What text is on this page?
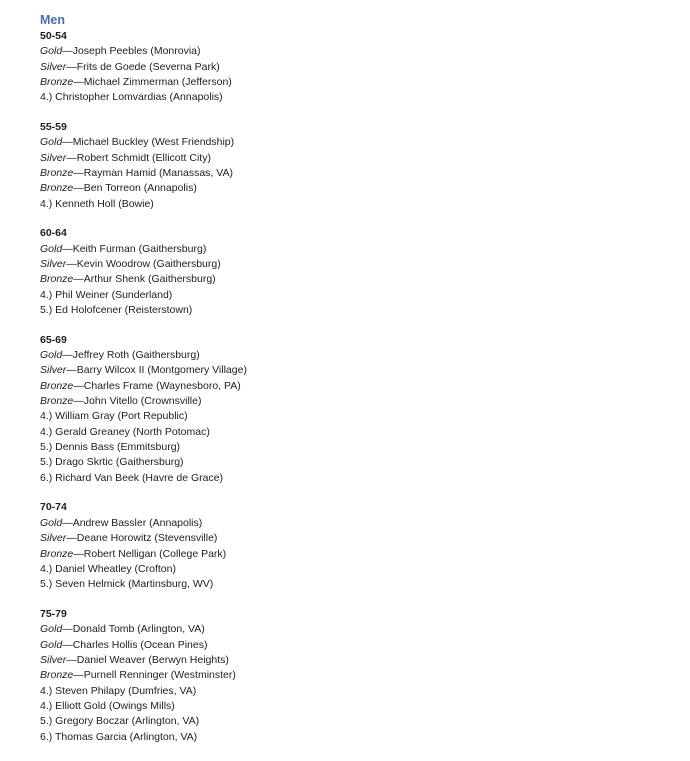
Men
50-54
Gold—Joseph Peebles (Monrovia)
Silver—Frits de Goede (Severna Park)
Bronze—Michael Zimmerman (Jefferson)
4.) Christopher Lomvardias (Annapolis)
55-59
Gold—Michael Buckley (West Friendship)
Silver—Robert Schmidt (Ellicott City)
Bronze—Rayman Hamid (Manassas, VA)
Bronze—Ben Torreon (Annapolis)
4.) Kenneth Holl (Bowie)
60-64
Gold—Keith Furman (Gaithersburg)
Silver—Kevin Woodrow (Gaithersburg)
Bronze—Arthur Shenk (Gaithersburg)
4.) Phil Weiner (Sunderland)
5.) Ed Holofcener (Reisterstown)
65-69
Gold—Jeffrey Roth (Gaithersburg)
Silver—Barry Wilcox II (Montgomery Village)
Bronze—Charles Frame (Waynesboro, PA)
Bronze—John Vitello (Crownsville)
4.) William Gray (Port Republic)
4.) Gerald Greaney (North Potomac)
5.) Dennis Bass (Emmitsburg)
5.) Drago Skrtic (Gaithersburg)
6.) Richard Van Beek (Havre de Grace)
70-74
Gold—Andrew Bassler (Annapolis)
Silver—Deane Horowitz (Stevensville)
Bronze—Robert Nelligan (College Park)
4.) Daniel Wheatley (Crofton)
5.) Seven Helmick (Martinsburg, WV)
75-79
Gold—Donald Tomb (Arlington, VA)
Gold—Charles Hollis (Ocean Pines)
Silver—Daniel Weaver (Berwyn Heights)
Bronze—Purnell Renninger (Westminster)
4.) Steven Philapy (Dumfries, VA)
4.) Elliott Gold (Owings Mills)
5.) Gregory Boczar (Arlington, VA)
6.) Thomas Garcia (Arlington, VA)
